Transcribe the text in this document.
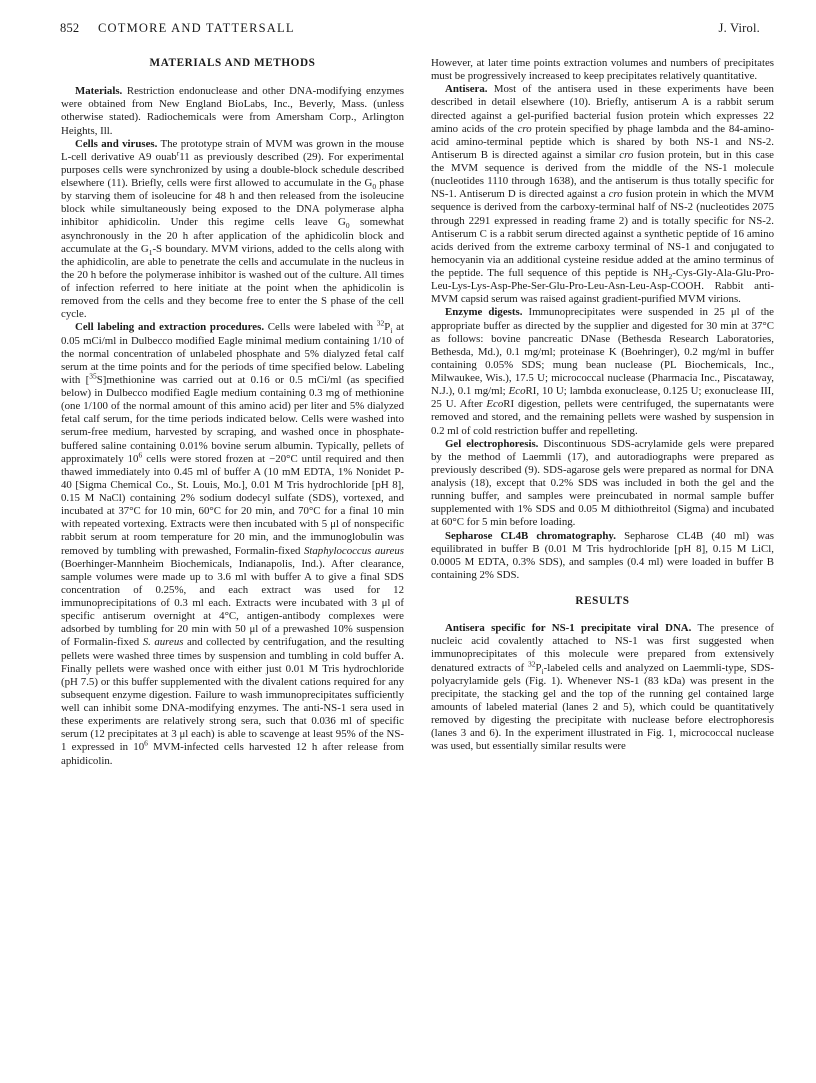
852 COTMORE AND TATTERSALL	J. Virol.
MATERIALS AND METHODS

Materials. Restriction endonuclease and other DNA-modifying enzymes were obtained from New England BioLabs, Inc., Beverly, Mass. (unless otherwise stated). Radiochemicals were from Amersham Corp., Arlington Heights, Ill.

Cells and viruses. The prototype strain of MVM was grown in the mouse L-cell derivative A9 ouab$^r$11 as previously described (29). For experimental purposes cells were synchronized by using a double-block schedule described elsewhere (11). Briefly, cells were first allowed to accumulate in the $G_0$ phase by starving them of isoleucine for 48 h and then released from the isoleucine block while simultaneously being exposed to the DNA polymerase alpha inhibitor aphidicolin. Under this regime cells leave $G_0$ somewhat asynchronously in the 20 h after application of the aphidicolin block and accumulate at the $G_1-S$ boundary. MVM virions, added to the cells along with the aphidicolin, are able to penetrate the cells and accumulate in the nucleus in the 20 h before the polymerase inhibitor is washed out of the culture. All times of infection referred to here initiate at the point when the aphidicolin is removed from the cells and they become free to enter the S phase of the cell cycle.

Cell labeling and extraction procedures. Cells were labeled with $^{32}P_i$ at 0.05 mCi/ml in Dulbecco modified Eagle minimal medium containing 1/10 of the normal concentration of unlabeled phosphate and 5% dialyzed fetal calf serum at the time points and for the periods of time specified below. Labeling with [$^{35}$S]methionine was carried out at 0.16 or 0.5 mCi/ml (as specified below) in Dulbecco modified Eagle medium containing 0.3 mg of methionine (one 1/100 of the normal amount of this amino acid) per liter and 5% dialyzed fetal calf serum, for the time periods indicated below. Cells were washed into serum-free medium, harvested by scraping, and washed once in phosphate-buffered saline containing 0.01% bovine serum albumin. Typically, pellets of approximately $10^6$ cells were stored frozen at −20°C until required and then thawed immediately into 0.45 ml of buffer A (10 mM EDTA, 1% Nonidet P-40 [Sigma Chemical Co., St. Louis, Mo.], 0.01 M Tris hydrochloride [pH 8], 0.15 M NaCl) containing 2% sodium dodecyl sulfate (SDS), vortexed, and incubated at 37°C for 10 min, 60°C for 20 min, and 70°C for a final 10 min with repeated vortexing. Extracts were then incubated with 5 μl of nonspecific rabbit serum at room temperature for 20 min, and the immunoglobulin was removed by tumbling with prewashed, Formalin-fixed Staphylococcus aureus (Boerhinger-Mannheim Biochemicals, Indianapolis, Ind.). After clearance, sample volumes were made up to 3.6 ml with buffer A to give a final SDS concentration of 0.25%, and each extract was used for 12 immunoprecipitations of 0.3 ml each. Extracts were incubated with 3 μl of specific antiserum overnight at 4°C, antigen-antibody complexes were adsorbed by tumbling for 20 min with 50 μl of a prewashed 10% suspension of Formalin-fixed S. aureus and collected by centrifugation, and the resulting pellets were washed three times by suspension and tumbling in cold buffer A. Finally pellets were washed once with either just 0.01 M Tris hydrochloride (pH 7.5) or this buffer supplemented with the divalent cations required for any subsequent enzyme digestion. Failure to wash immunoprecipitates sufficiently well can inhibit some DNA-modifying enzymes. The anti-NS-1 sera used in these experiments are relatively strong sera, such that 0.036 ml of specific serum (12 precipitates at 3 μl each) is able to scavenge at least 95% of the NS-1 expressed in $10^6$ MVM-infected cells harvested 12 h after release from aphidicolin.

However, at later time points extraction volumes and numbers of precipitates must be progressively increased to keep precipitates relatively quantitative.

Antisera. Most of the antisera used in these experiments have been described in detail elsewhere (10). Briefly, antiserum A is a rabbit serum directed against a gel-purified bacterial fusion protein which expresses 22 amino acids of the cro protein specified by phage lambda and the 84-amino-acid amino-terminal peptide which is shared by both NS-1 and NS-2. Antiserum B is directed against a similar cro fusion protein, but in this case the MVM sequence is derived from the middle of the NS-1 molecule (nucleotides 1110 through 1638), and the antiserum is thus totally specific for NS-1. Antiserum D is directed against a cro fusion protein in which the MVM sequence is derived from the carboxy-terminal half of NS-2 (nucleotides 2075 through 2291 expressed in reading frame 2) and is totally specific for NS-2. Antiserum C is a rabbit serum directed against a synthetic peptide of 16 amino acids derived from the extreme carboxy terminal of NS-1 and conjugated to hemocyanin via an additional cysteine residue added at the amino terminus of the peptide. The full sequence of this peptide is $NH_2-Cys-Gly-Ala-Glu-Pro-Leu-Lys-Lys-Asp-Phe-Ser-Glu-Pro-Leu-Asn-Leu-Asp$-COOH. Rabbit anti-MVM capsid serum was raised against gradient-purified MVM virions.

Enzyme digests. Immunoprecipitates were suspended in 25 μl of the appropriate buffer as directed by the supplier and digested for 30 min at 37°C as follows: bovine pancreatic DNase (Bethesda Research Laboratories, Bethesda, Md.), 0.1 mg/ml; proteinase K (Boehringer), 0.2 mg/ml in buffer containing 0.05% SDS; mung bean nuclease (PL Biochemicals, Inc., Milwaukee, Wis.), 17.5 U; micrococcal nuclease (Pharmacia Inc., Piscataway, N.J.), 0.1 mg/ml; EcoRI, 10 U; lambda exonuclease, 0.125 U; exonuclease III, 25 U. After EcoRI digestion, pellets were centrifuged, the supernatants were removed and stored, and the remaining pellets were washed by suspension in 0.2 ml of cold restriction buffer and repelleting.

Gel electrophoresis. Discontinuous SDS-acrylamide gels were prepared by the method of Laemmli (17), and autoradiographs were prepared as previously described (9). SDS-agarose gels were prepared as normal for DNA analysis (18), except that 0.2% SDS was included in both the gel and the running buffer, and samples were preincubated in normal sample buffer supplemented with 1% SDS and 0.05 M dithiothreitol (Sigma) and incubated at 60°C for 5 min before loading.

Sepharose CL4B chromatography. Sepharose CL4B (40 ml) was equilibrated in buffer B (0.01 M Tris hydrochloride [pH 8], 0.15 M LiCl, 0.0005 M EDTA, 0.3% SDS), and samples (0.4 ml) were loaded in buffer B containing 2% SDS.

RESULTS

Antisera specific for NS-1 precipitate viral DNA. The presence of nucleic acid covalently attached to NS-1 was first suggested when immunoprecipitates of this molecule were prepared from extensively denatured extracts of $^{32}P_i$-labeled cells and analyzed on Laemmli-type, SDS-polyacrylamide gels (Fig. 1). Whenever NS-1 (83 kDa) was present in the precipitate, the stacking gel and the top of the running gel contained large amounts of labeled material (lanes 2 and 5), which could be quantitatively removed by digesting the precipitate with nuclease before electrophoresis (lanes 3 and 6). In the experiment illustrated in Fig. 1, micrococcal nuclease was used, but essentially similar results were
